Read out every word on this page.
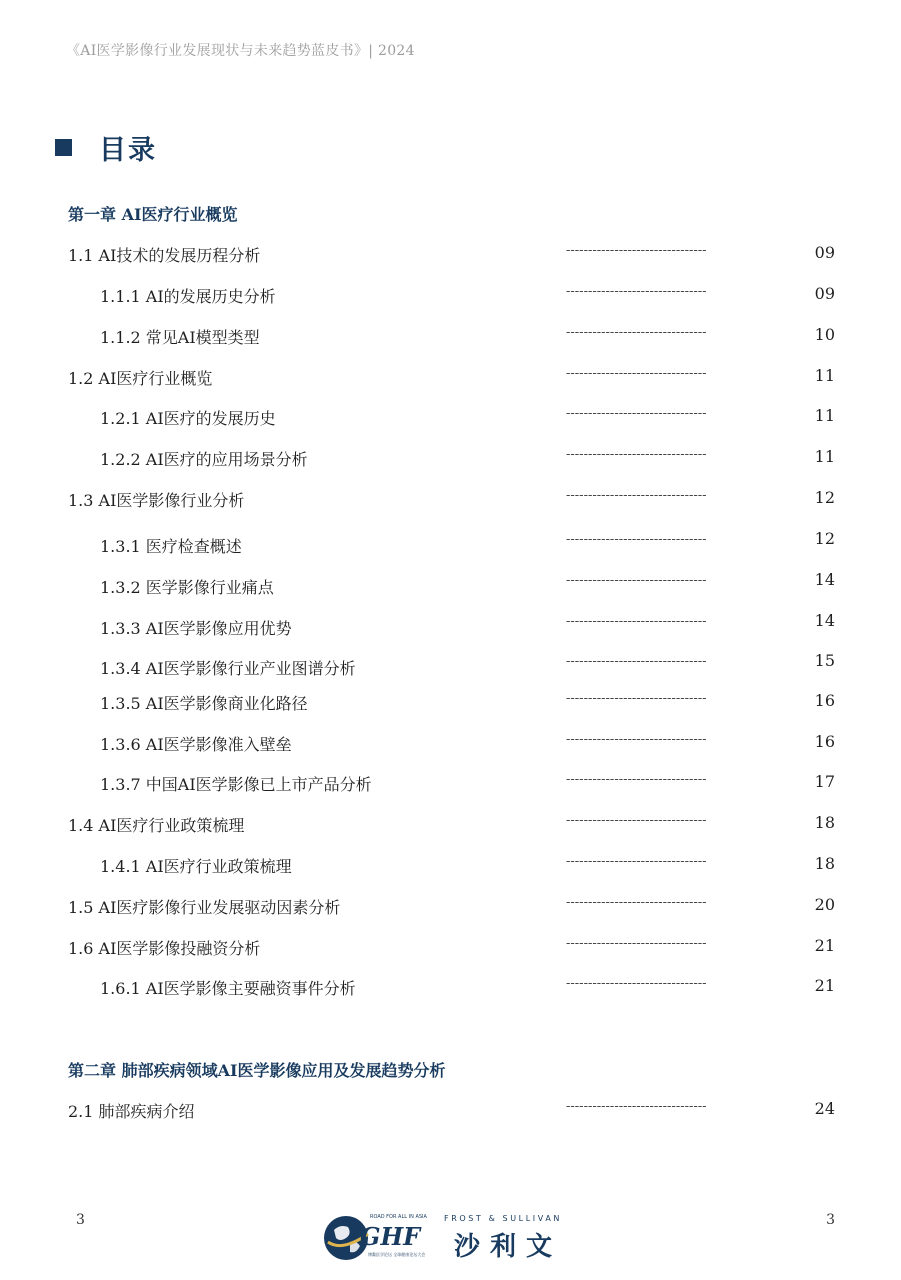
《AI医学影像行业发展现状与未来趋势蓝皮书》| 2024
目录
第一章 AI医疗行业概览
1.1 AI技术的发展历程分析	--------------------------------	09
1.1.1 AI的发展历史分析	--------------------------------	09
1.1.2 常见AI模型类型	--------------------------------	10
1.2 AI医疗行业概览	--------------------------------	11
1.2.1 AI医疗的发展历史	--------------------------------	11
1.2.2 AI医疗的应用场景分析	--------------------------------	11
1.3 AI医学影像行业分析	--------------------------------	12
1.3.1 医疗检查概述	--------------------------------	12
1.3.2 医学影像行业痛点	--------------------------------	14
1.3.3 AI医学影像应用优势	--------------------------------	14
1.3.4 AI医学影像行业产业图谱分析	--------------------------------	15
1.3.5 AI医学影像商业化路径	--------------------------------	16
1.3.6 AI医学影像准入壁垒	--------------------------------	16
1.3.7 中国AI医学影像已上市产品分析	--------------------------------	17
1.4 AI医疗行业政策梳理	--------------------------------	18
1.4.1 AI医疗行业政策梳理	--------------------------------	18
1.5 AI医疗影像行业发展驱动因素分析	--------------------------------	20
1.6 AI医学影像投融资分析	--------------------------------	21
1.6.1 AI医学影像主要融资事件分析	--------------------------------	21
第二章 肺部疾病领域AI医学影像应用及发展趋势分析
2.1 肺部疾病介绍	--------------------------------	24
3	3
ROAD FOR ALL IN ASIA
GHF
博鳌医学论坛 全球健康论坛大会
FROST & SULLIVAN
沙利文
